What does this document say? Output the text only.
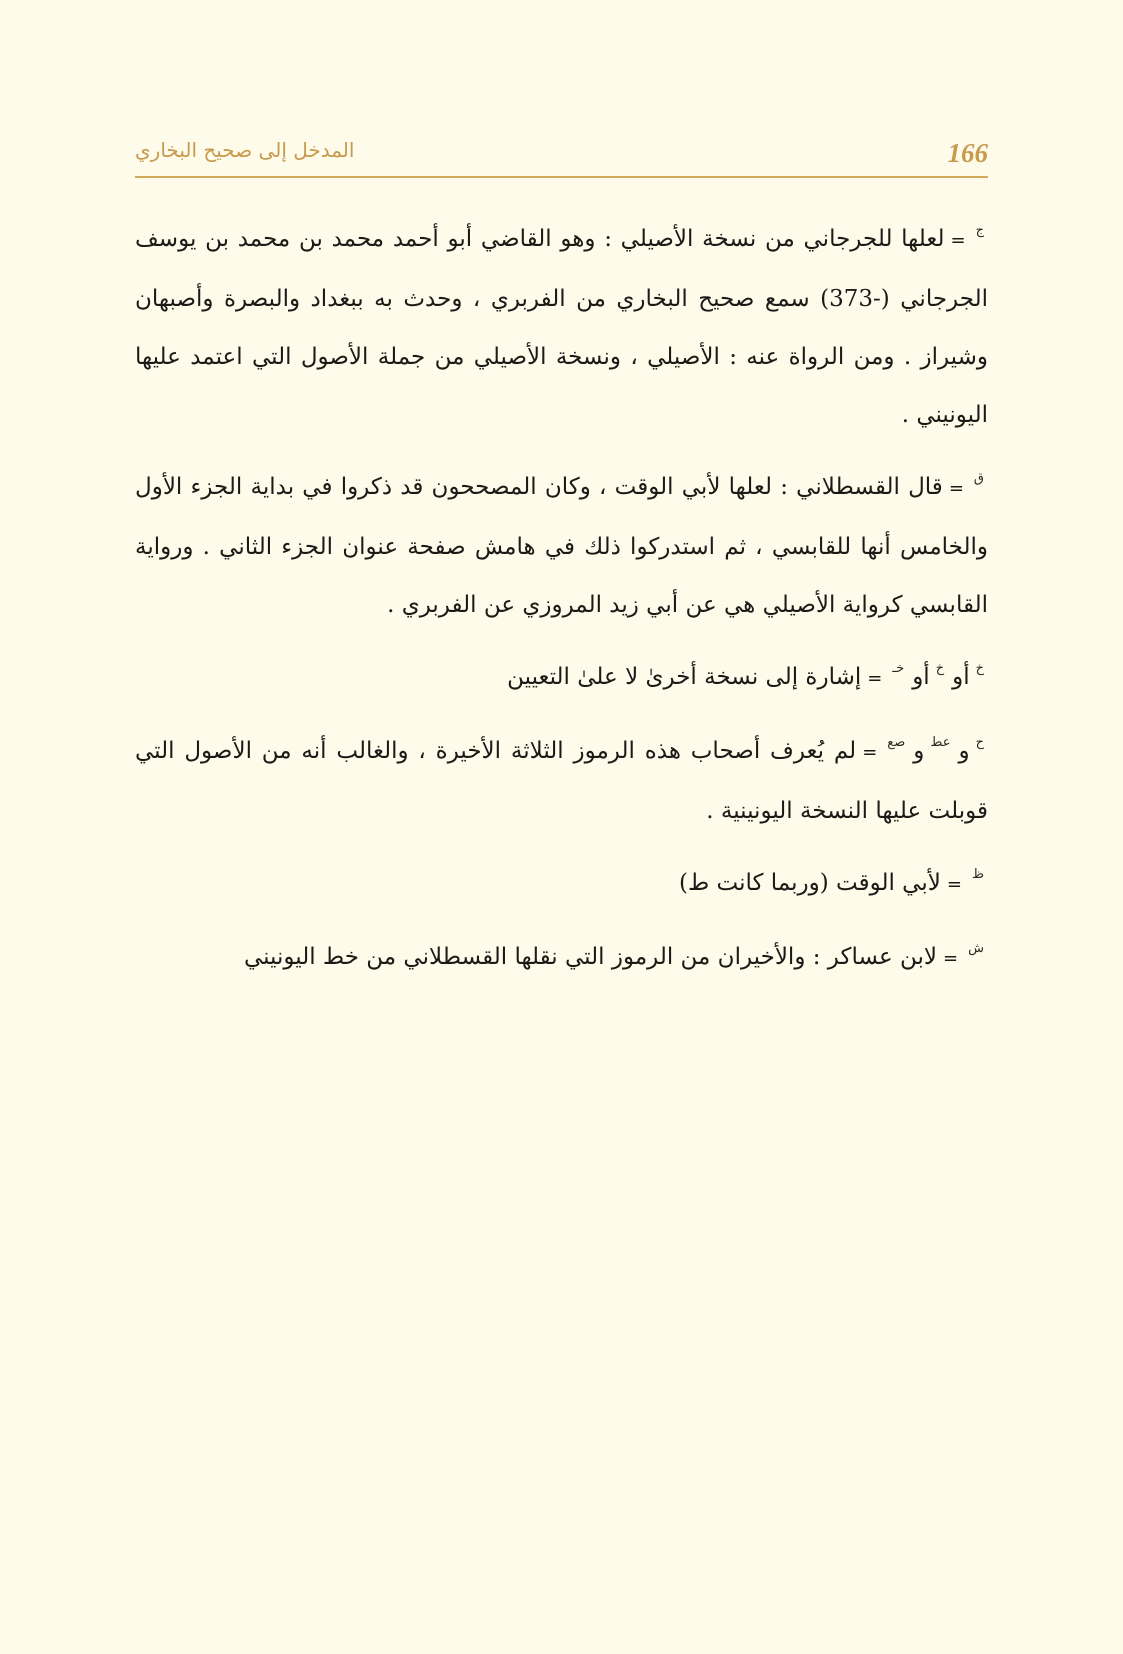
166
المدخل إلى صحيح البخاري

ج=لعلها للجرجاني من نسخة الأصيلي : وهو القاضي أبو أحمد محمد بن محمد بن يوسف الجرجاني (-373) سمع صحيح البخاري من الفربري ، وحدث به ببغداد والبصرة وأصبهان وشيراز . ومن الرواة عنه : الأصيلي ، ونسخة الأصيلي من جملة الأصول التي اعتمد عليها اليونيني .

ق=قال القسطلاني : لعلها لأبي الوقت ، وكان المصححون قد ذكروا في بداية الجزء الأول والخامس أنها للقابسي ، ثم استدركوا ذلك في هامش صفحة عنوان الجزء الثاني . ورواية القابسي كرواية الأصيلي هي عن أبي زيد المروزي عن الفربري .

خأوخأوخـ=إشارة إلى نسخة أخرىٰ لا علىٰ التعيين

حوعطوصع=لم يُعرف أصحاب هذه الرموز الثلاثة الأخيرة ، والغالب أنه من الأصول التي قوبلت عليها النسخة اليونينية .

ظ=لأبي الوقت (وربما كانت ط)

ش=لابن عساكر : والأخيران من الرموز التي نقلها القسطلاني من خط اليونيني
